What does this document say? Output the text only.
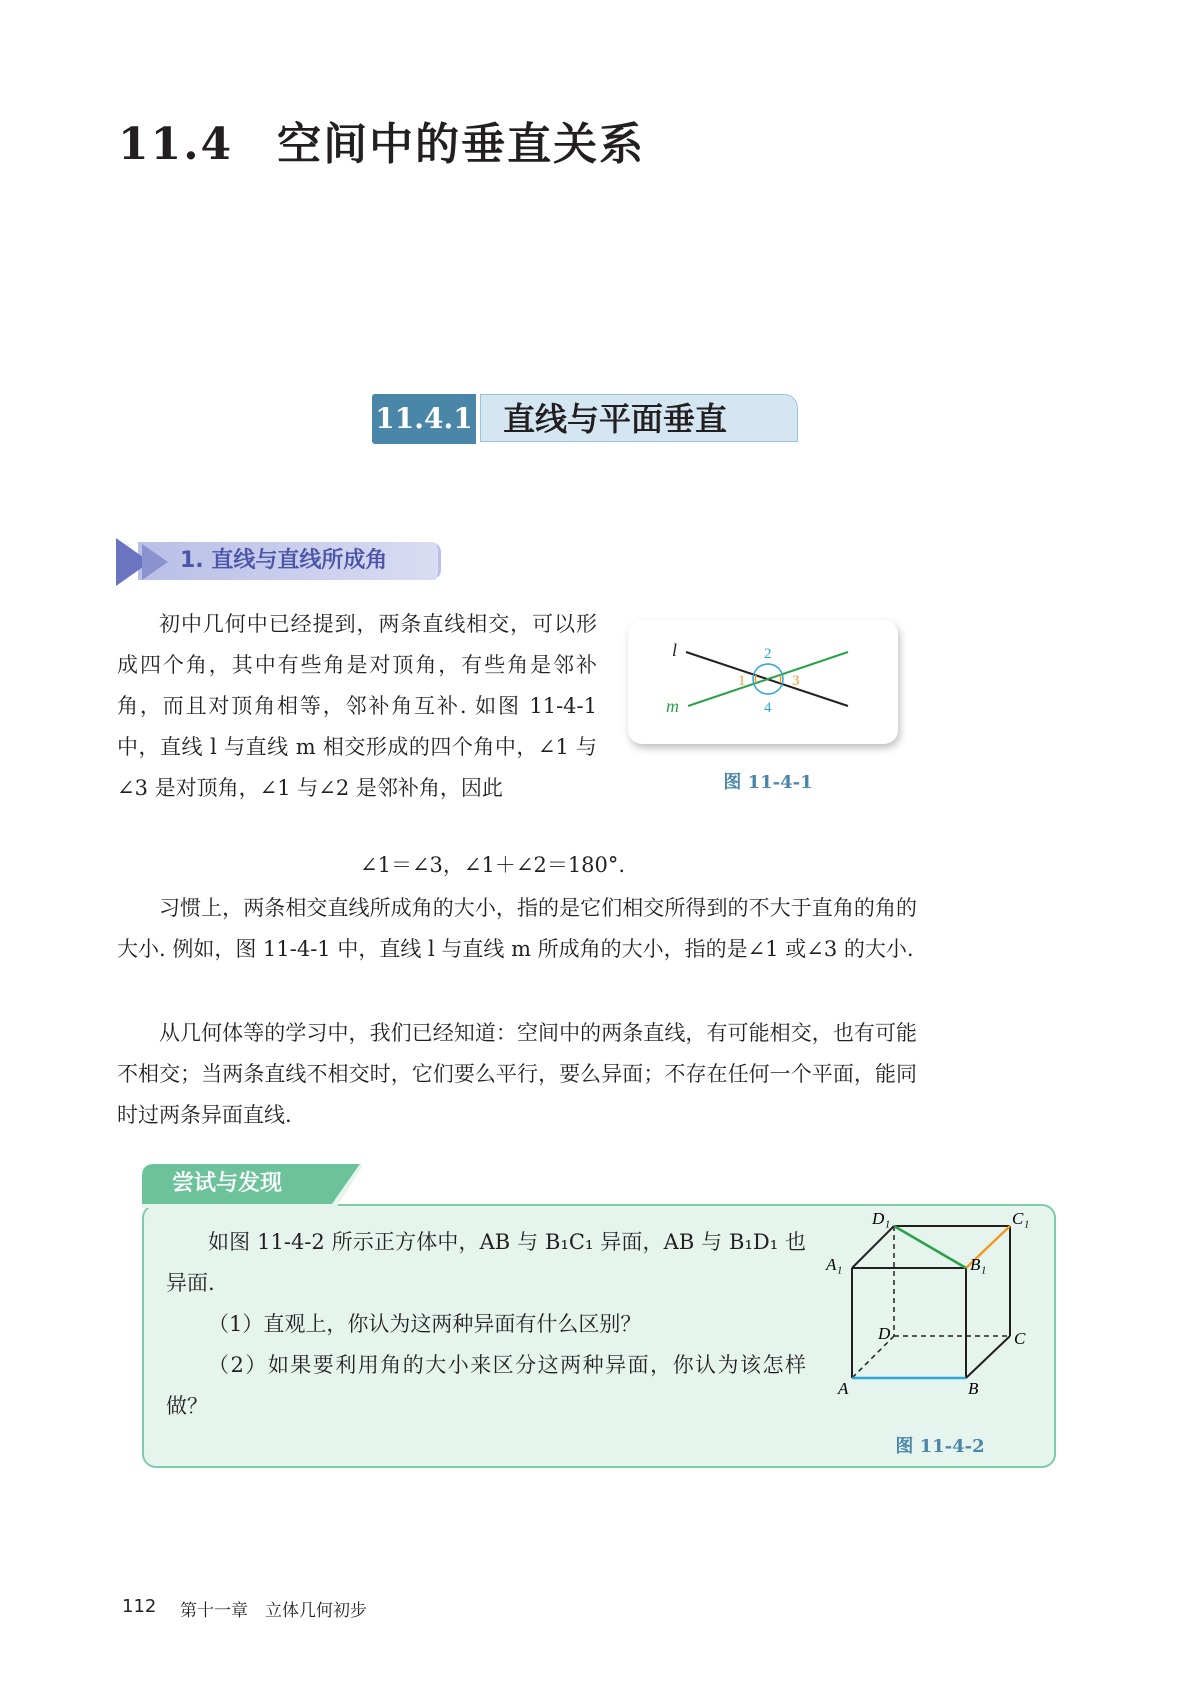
11.4 空间中的垂直关系
11.4.1 直线与平面垂直
1. 直线与直线所成角

初中几何中已经提到，两条直线相交，可以形成四个角，其中有些角是对顶角，有些角是邻补角，而且对顶角相等，邻补角互补. 如图 11-4-1 中，直线 l 与直线 m 相交形成的四个角中，∠1 与∠3 是对顶角，∠1 与∠2 是邻补角，因此

l
m
1
2
3
4
图 11-4-1
∠1＝∠3，∠1＋∠2＝180°.

习惯上，两条相交直线所成角的大小，指的是它们相交所得到的不大于直角的角的大小. 例如，图 11-4-1 中，直线 l 与直线 m 所成角的大小，指的是∠1 或∠3 的大小.

从几何体等的学习中，我们已经知道：空间中的两条直线，有可能相交，也有可能不相交；当两条直线不相交时，它们要么平行，要么异面；不存在任何一个平面，能同时过两条异面直线.

尝试与发现

如图 11-4-2 所示正方体中，AB 与 B₁C₁ 异面，AB 与 B₁D₁ 也异面.

（1）直观上，你认为这两种异面有什么区别？

（2）如果要利用角的大小来区分这两种异面，你认为该怎样做？

D₁	C₁
A₁	B₁
D	C
A	B
图 11-4-2
112 第十一章　立体几何初步
